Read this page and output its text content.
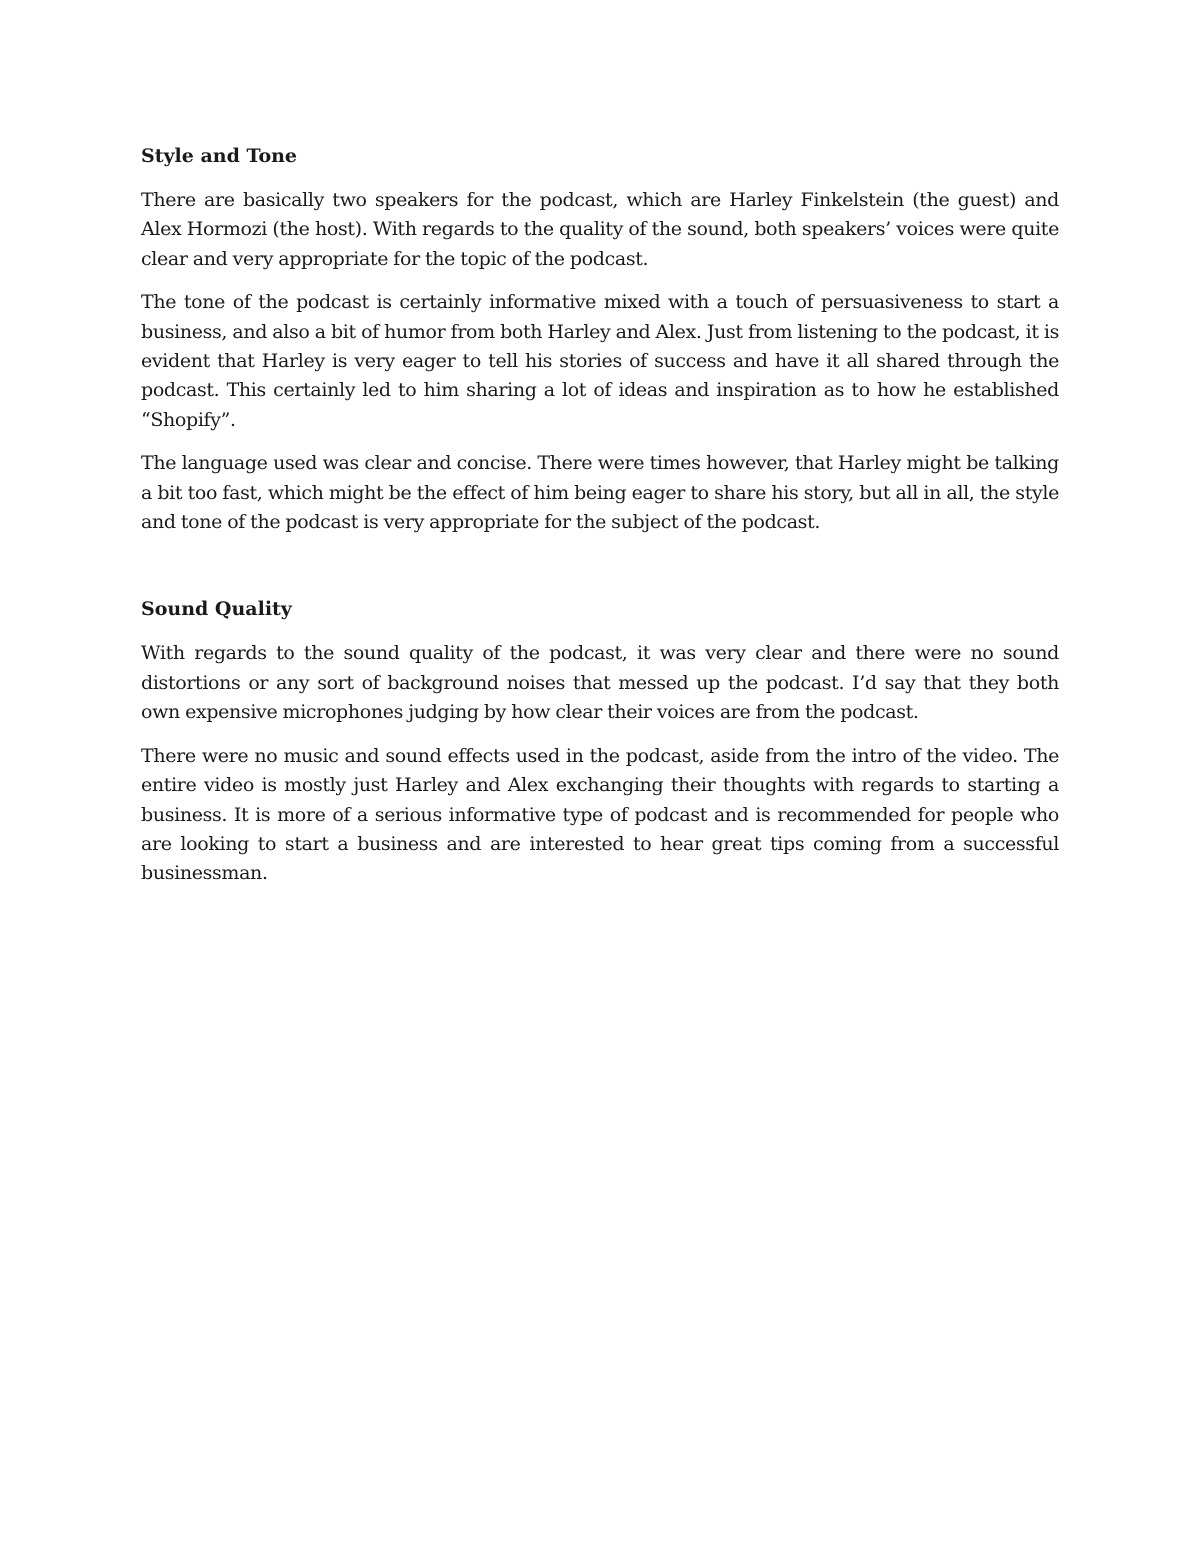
Style and Tone

There are basically two speakers for the podcast, which are Harley Finkelstein (the guest) and Alex Hormozi (the host). With regards to the quality of the sound, both speakers’ voices were quite clear and very appropriate for the topic of the podcast.

The tone of the podcast is certainly informative mixed with a touch of persuasiveness to start a business, and also a bit of humor from both Harley and Alex. Just from listening to the podcast, it is evident that Harley is very eager to tell his stories of success and have it all shared through the podcast. This certainly led to him sharing a lot of ideas and inspiration as to how he established “Shopify”.

The language used was clear and concise. There were times however, that Harley might be talking a bit too fast, which might be the effect of him being eager to share his story, but all in all, the style and tone of the podcast is very appropriate for the subject of the podcast.

Sound Quality

With regards to the sound quality of the podcast, it was very clear and there were no sound distortions or any sort of background noises that messed up the podcast. I’d say that they both own expensive microphones judging by how clear their voices are from the podcast.

There were no music and sound effects used in the podcast, aside from the intro of the video. The entire video is mostly just Harley and Alex exchanging their thoughts with regards to starting a business. It is more of a serious informative type of podcast and is recommended for people who are looking to start a business and are interested to hear great tips coming from a successful businessman.
